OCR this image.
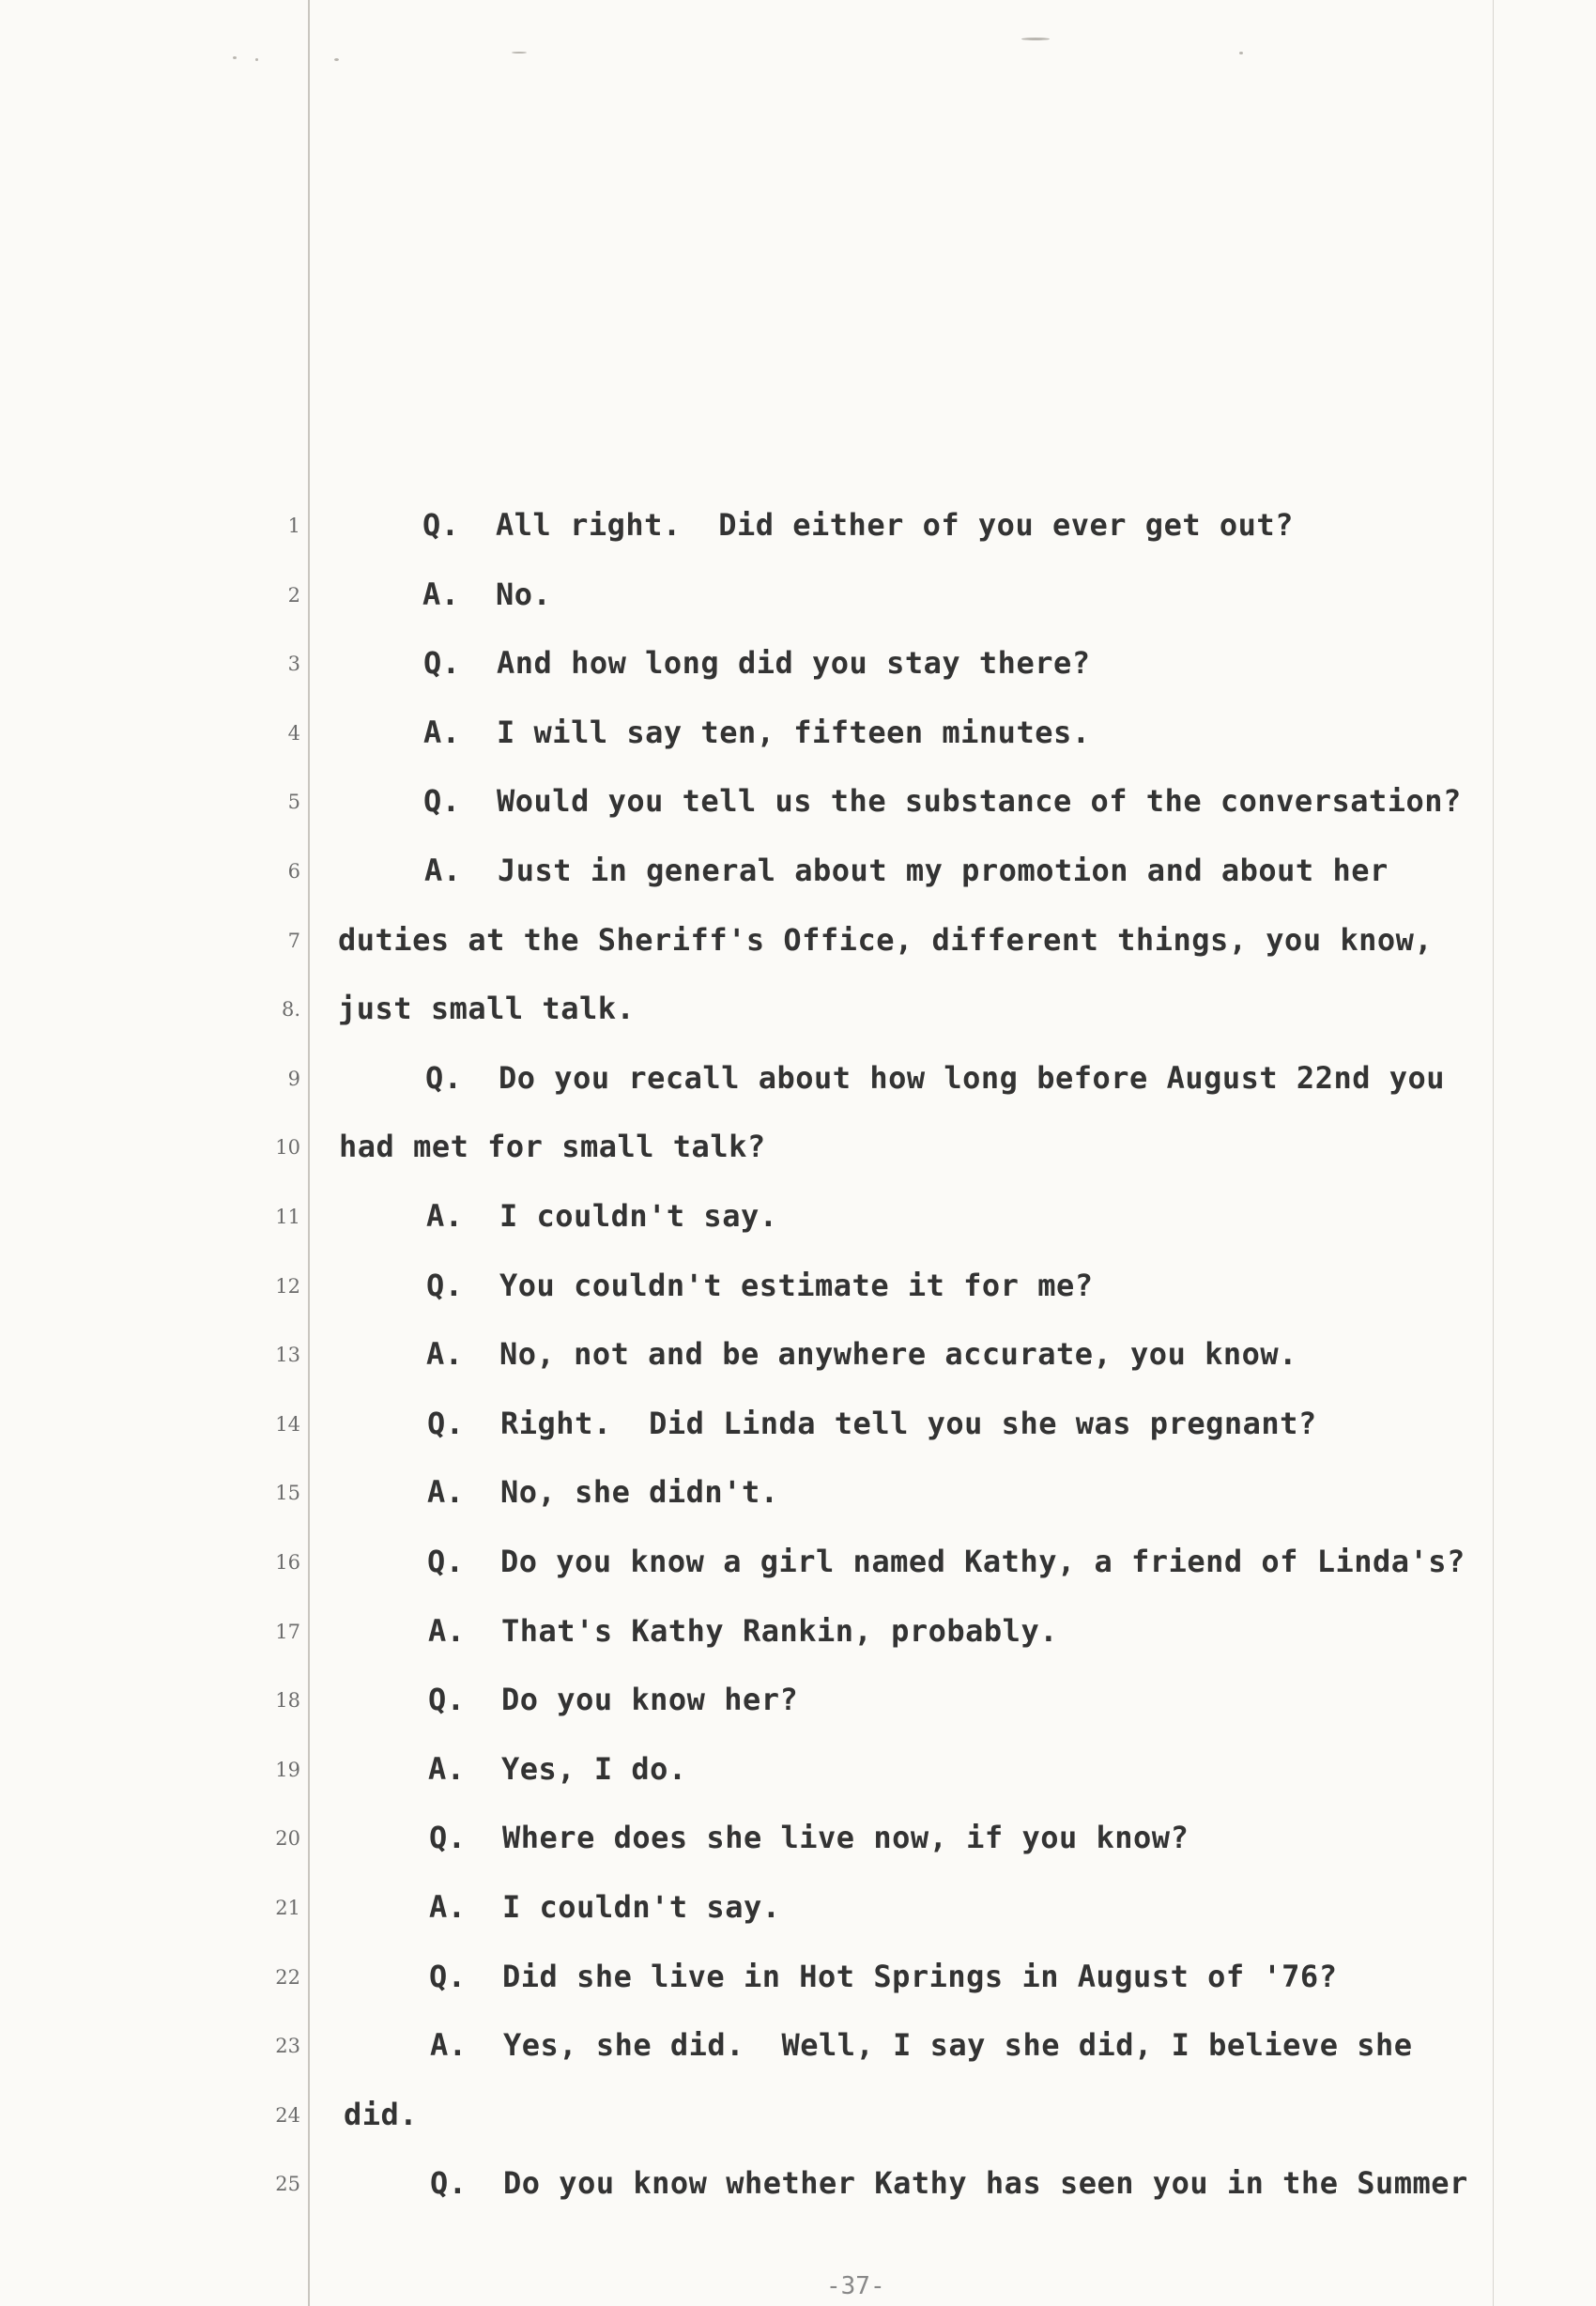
1	Q. All right.  Did either of you ever get out?
2	A. No.
3	Q. And how long did you stay there?
4	A. I will say ten, fifteen minutes.
5	Q. Would you tell us the substance of the conversation?
6	A. Just in general about my promotion and about her
7 duties at the Sheriff's Office, different things, you know,
8. just small talk.
9	Q. Do you recall about how long before August 22nd you
10 had met for small talk?
11	A. I couldn't say.
12	Q. You couldn't estimate it for me?
13	A. No, not and be anywhere accurate, you know.
14	Q. Right.  Did Linda tell you she was pregnant?
15	A. No, she didn't.
16	Q. Do you know a girl named Kathy, a friend of Linda's?
17	A. That's Kathy Rankin, probably.
18	Q. Do you know her?
19	A. Yes, I do.
20	Q. Where does she live now, if you know?
21	A. I couldn't say.
22	Q. Did she live in Hot Springs in August of '76?
23	A. Yes, she did.  Well, I say she did, I believe she
24 did.
25	Q. Do you know whether Kathy has seen you in the Summer
-37-
